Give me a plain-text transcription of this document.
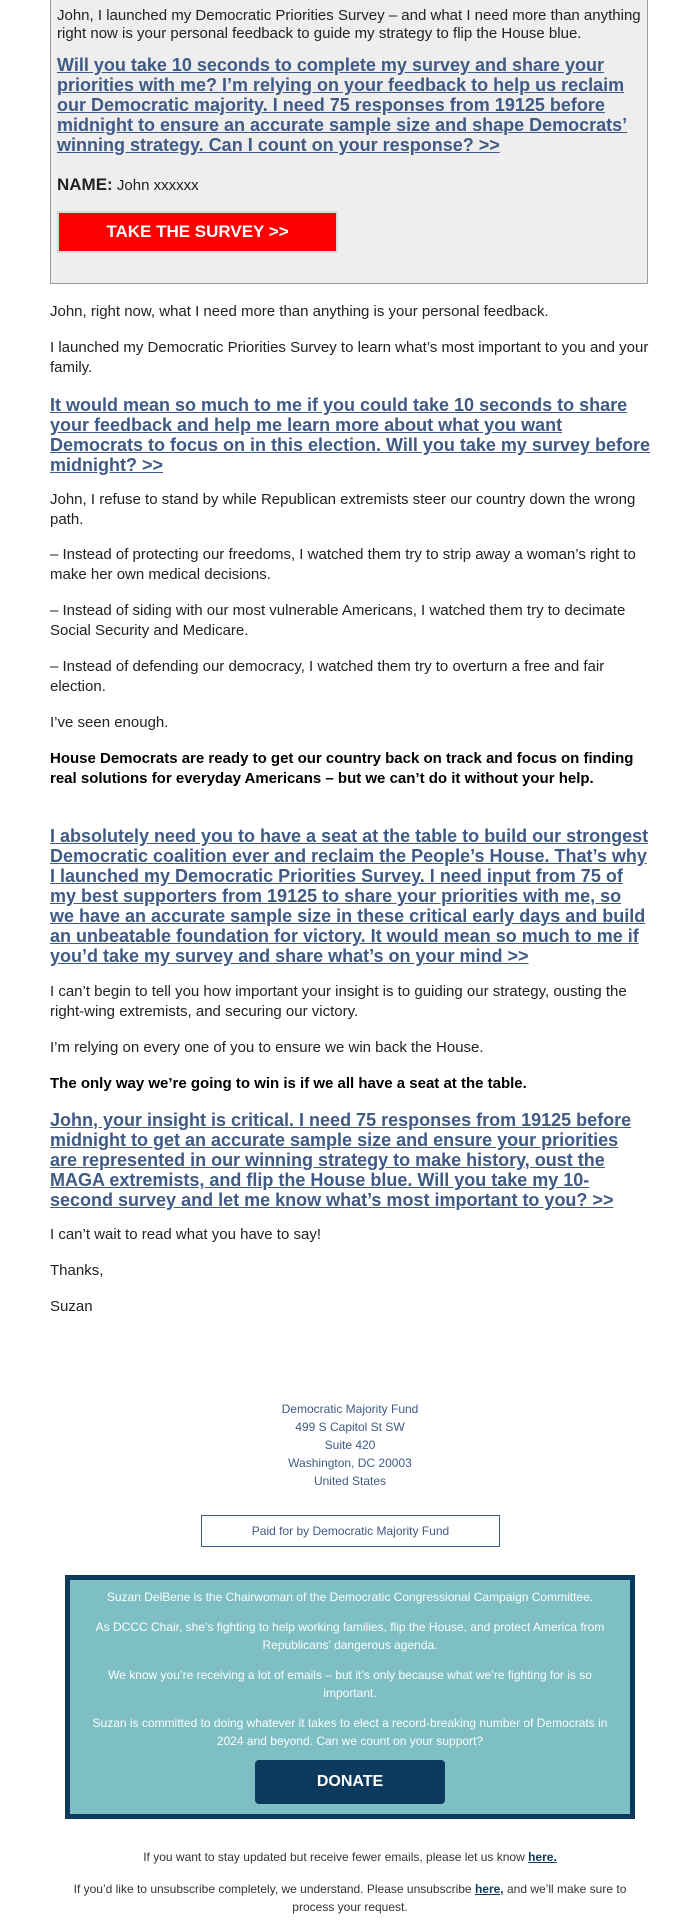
John, I launched my Democratic Priorities Survey – and what I need more than anything right now is your personal feedback to guide my strategy to flip the House blue.

Will you take 10 seconds to complete my survey and share your priorities with me? I’m relying on your feedback to help us reclaim our Democratic majority. I need 75 responses from 19125 before midnight to ensure an accurate sample size and shape Democrats’ winning strategy. Can I count on your response? >>
NAME: John xxxxxx
TAKE THE SURVEY >>

John, right now, what I need more than anything is your personal feedback.

I launched my Democratic Priorities Survey to learn what’s most important to you and your family.

It would mean so much to me if you could take 10 seconds to share your feedback and help me learn more about what you want Democrats to focus on in this election. Will you take my survey before midnight? >>

John, I refuse to stand by while Republican extremists steer our country down the wrong path.

– Instead of protecting our freedoms, I watched them try to strip away a woman’s right to make her own medical decisions.

– Instead of siding with our most vulnerable Americans, I watched them try to decimate Social Security and Medicare.

– Instead of defending our democracy, I watched them try to overturn a free and fair election.

I’ve seen enough.

House Democrats are ready to get our country back on track and focus on finding real solutions for everyday Americans – but we can’t do it without your help.

I absolutely need you to have a seat at the table to build our strongest Democratic coalition ever and reclaim the People’s House. That’s why I launched my Democratic Priorities Survey. I need input from 75 of my best supporters from 19125 to share your priorities with me, so we have an accurate sample size in these critical early days and build an unbeatable foundation for victory. It would mean so much to me if you’d take my survey and share what’s on your mind >>

I can’t begin to tell you how important your insight is to guiding our strategy, ousting the right-wing extremists, and securing our victory.

I’m relying on every one of you to ensure we win back the House.

The only way we’re going to win is if we all have a seat at the table.

John, your insight is critical. I need 75 responses from 19125 before midnight to get an accurate sample size and ensure your priorities are represented in our winning strategy to make history, oust the MAGA extremists, and flip the House blue. Will you take my 10-second survey and let me know what’s most important to you? >>

I can’t wait to read what you have to say!

Thanks,

Suzan

Democratic Majority Fund
499 S Capitol St SW
Suite 420
Washington, DC 20003
United States
Paid for by Democratic Majority Fund

Suzan DelBene is the Chairwoman of the Democratic Congressional Campaign Committee.

As DCCC Chair, she’s fighting to help working families, flip the House, and protect America from Republicans’ dangerous agenda.

We know you’re receiving a lot of emails – but it’s only because what we’re fighting for is so important.

Suzan is committed to doing whatever it takes to elect a record-breaking number of Democrats in 2024 and beyond. Can we count on your support?

DONATE
If you want to stay updated but receive fewer emails, please let us know here.
If you’d like to unsubscribe completely, we understand. Please unsubscribe here, and we’ll make sure to process your request.
